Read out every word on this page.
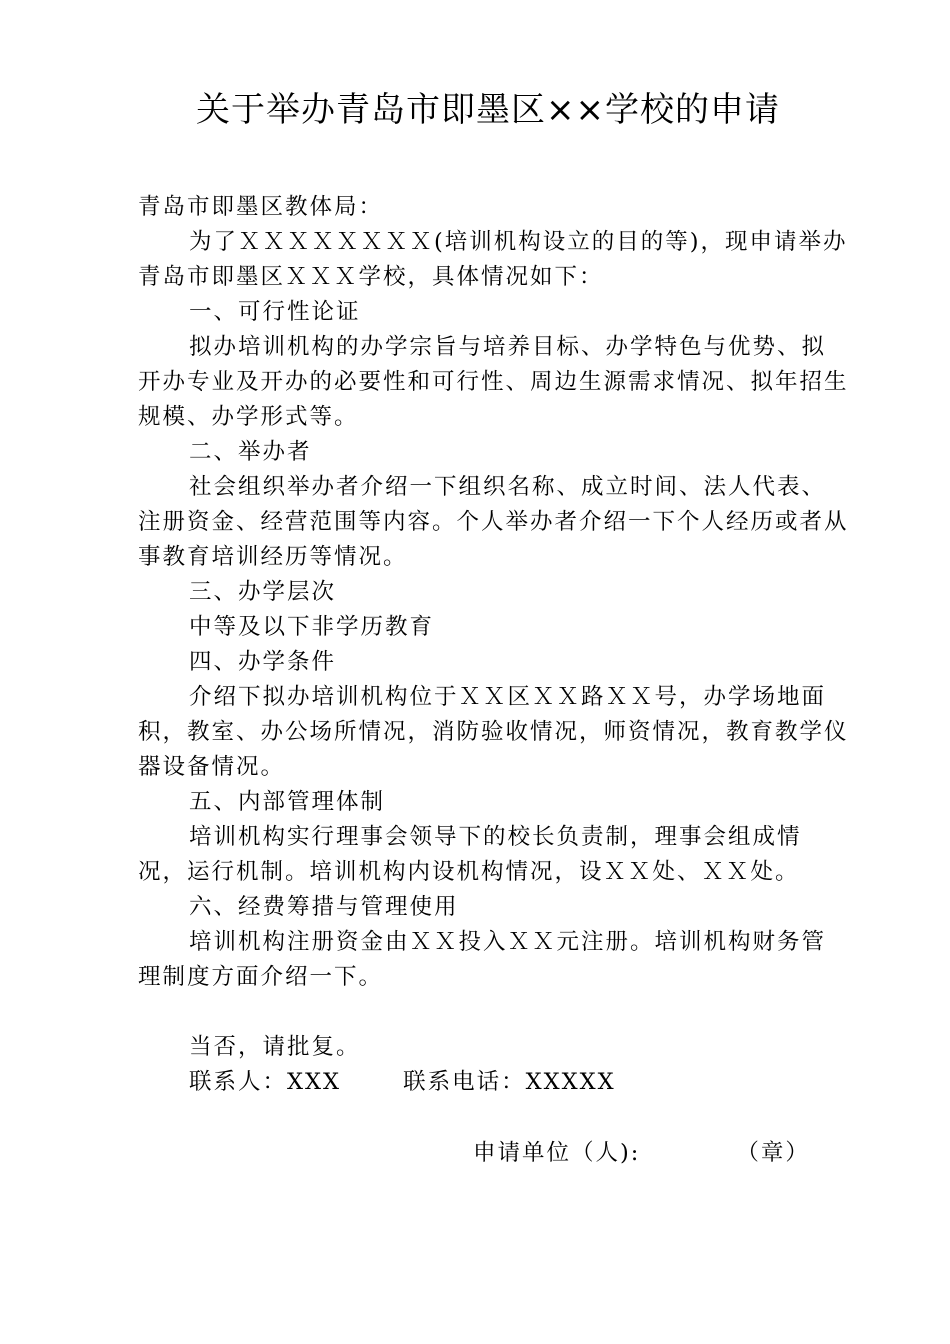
关于举办青岛市即墨区××学校的申请

青岛市即墨区教体局：

为了ＸＸＸＸＸＸＸＸ(培训机构设立的目的等)，现申请举办青岛市即墨区ＸＸＸ学校，具体情况如下：

一、可行性论证

拟办培训机构的办学宗旨与培养目标、办学特色与优势、拟开办专业及开办的必要性和可行性、周边生源需求情况、拟年招生规模、办学形式等。

二、举办者

社会组织举办者介绍一下组织名称、成立时间、法人代表、注册资金、经营范围等内容。个人举办者介绍一下个人经历或者从事教育培训经历等情况。

三、办学层次

中等及以下非学历教育

四、办学条件

介绍下拟办培训机构位于ＸＸ区ＸＸ路ＸＸ号，办学场地面积，教室、办公场所情况，消防验收情况，师资情况，教育教学仪器设备情况。

五、内部管理体制

培训机构实行理事会领导下的校长负责制，理事会组成情况，运行机制。培训机构内设机构情况，设ＸＸ处、ＸＸ处。

六、经费筹措与管理使用

培训机构注册资金由ＸＸ投入ＸＸ元注册。培训机构财务管理制度方面介绍一下。

当否，请批复。

联系人：XXX	联系电话：XXXXX

申请单位（人):	（章）
